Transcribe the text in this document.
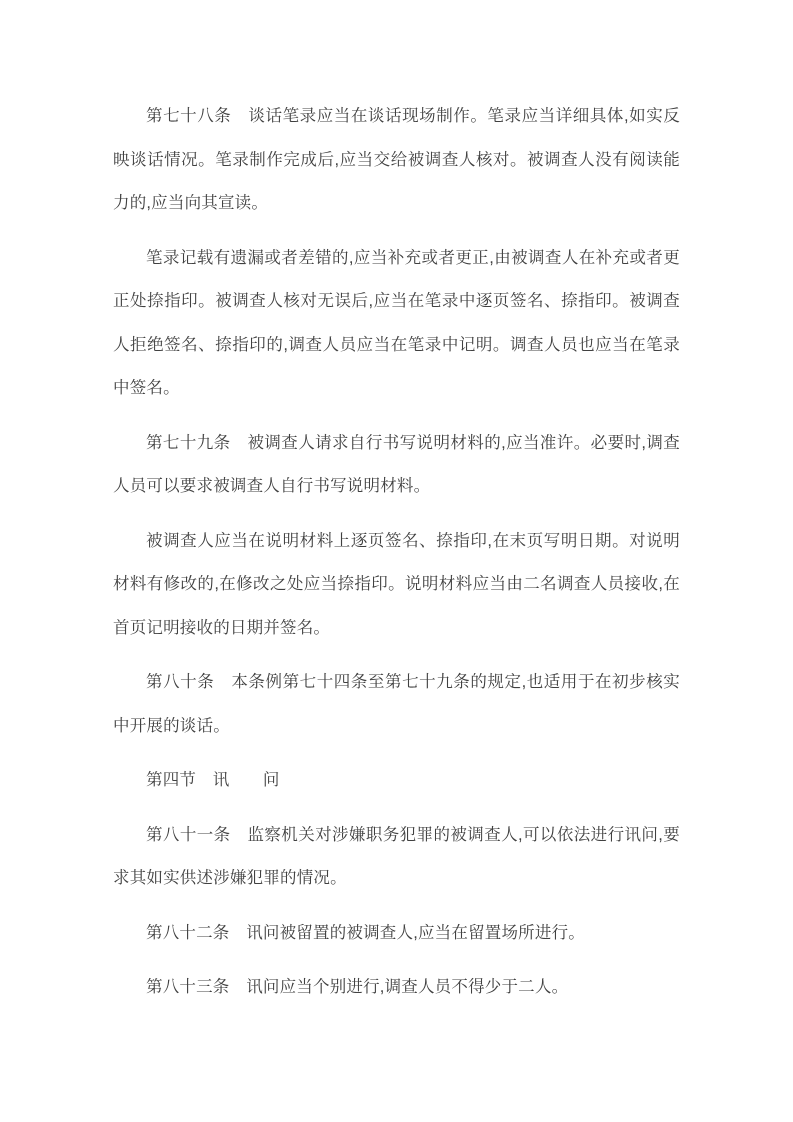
第七十八条　谈话笔录应当在谈话现场制作。笔录应当详细具体,如实反映谈话情况。笔录制作完成后,应当交给被调查人核对。被调查人没有阅读能力的,应当向其宣读。

笔录记载有遗漏或者差错的,应当补充或者更正,由被调查人在补充或者更正处捺指印。被调查人核对无误后,应当在笔录中逐页签名、捺指印。被调查人拒绝签名、捺指印的,调查人员应当在笔录中记明。调查人员也应当在笔录中签名。

第七十九条　被调查人请求自行书写说明材料的,应当准许。必要时,调查人员可以要求被调查人自行书写说明材料。

被调查人应当在说明材料上逐页签名、捺指印,在末页写明日期。对说明材料有修改的,在修改之处应当捺指印。说明材料应当由二名调查人员接收,在首页记明接收的日期并签名。

第八十条　本条例第七十四条至第七十九条的规定,也适用于在初步核实中开展的谈话。

第四节　讯　　问

第八十一条　监察机关对涉嫌职务犯罪的被调查人,可以依法进行讯问,要求其如实供述涉嫌犯罪的情况。

第八十二条　讯问被留置的被调查人,应当在留置场所进行。

第八十三条　讯问应当个别进行,调查人员不得少于二人。
